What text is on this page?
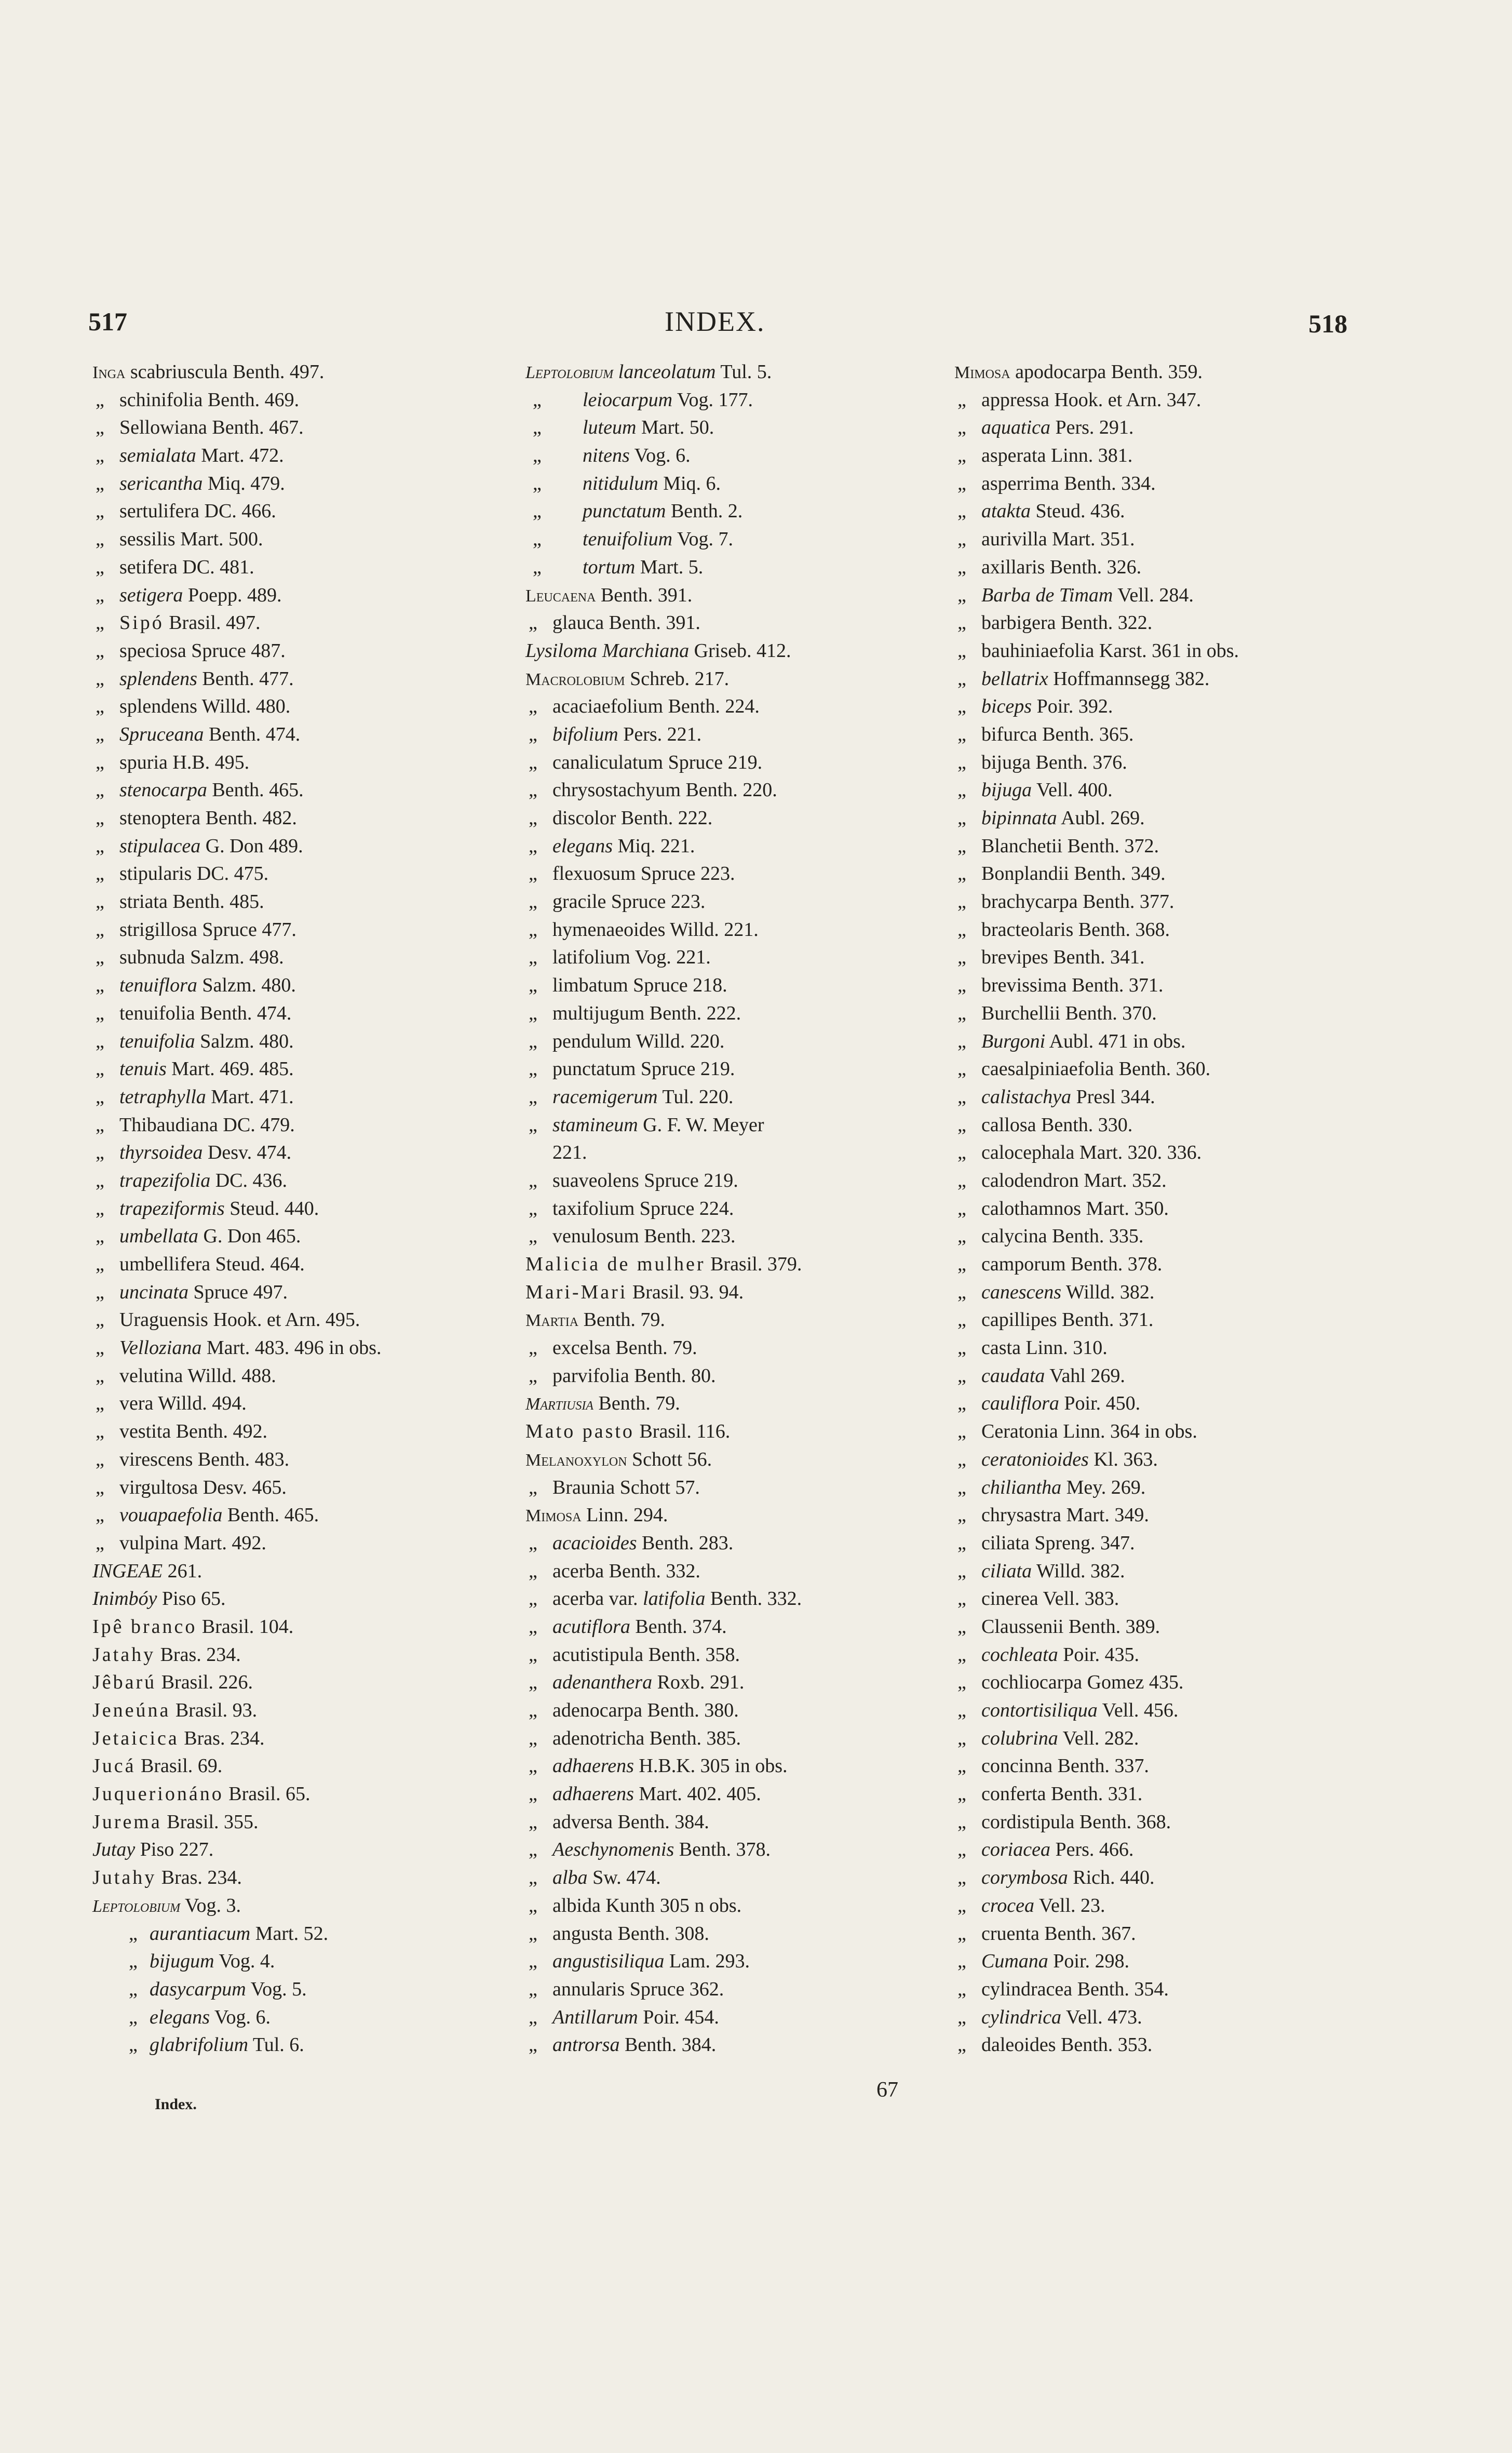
517	INDEX.	518
Inga scabriuscula Benth. 497.
„ schinifolia Benth. 469.
„ Sellowiana Benth. 467.
„ semialata Mart. 472.
„ sericantha Miq. 479.
„ sertulifera DC. 466.
„ sessilis Mart. 500.
„ setifera DC. 481.
„ setigera Poepp. 489.
„ Sipó Brasil. 497.
„ speciosa Spruce 487.
„ splendens Benth. 477.
„ splendens Willd. 480.
„ Spruceana Benth. 474.
„ spuria H.B. 495.
„ stenocarpa Benth. 465.
„ stenoptera Benth. 482.
„ stipulacea G. Don 489.
„ stipularis DC. 475.
„ striata Benth. 485.
„ strigillosa Spruce 477.
„ subnuda Salzm. 498.
„ tenuiflora Salzm. 480.
„ tenuifolia Benth. 474.
„ tenuifolia Salzm. 480.
„ tenuis Mart. 469. 485.
„ tetraphylla Mart. 471.
„ Thibaudiana DC. 479.
„ thyrsoidea Desv. 474.
„ trapezifolia DC. 436.
„ trapeziformis Steud. 440.
„ umbellata G. Don 465.
„ umbellifera Steud. 464.
„ uncinata Spruce 497.
„ Uraguensis Hook. et Arn. 495.
„ Velloziana Mart. 483. 496 in obs.
„ velutina Willd. 488.
„ vera Willd. 494.
„ vestita Benth. 492.
„ virescens Benth. 483.
„ virgultosa Desv. 465.
„ vouapaefolia Benth. 465.
„ vulpina Mart. 492.
INGEAE 261.
Inimbóy Piso 65.
Ipê branco Brasil. 104.
Jatahy Bras. 234.
Jêbarú Brasil. 226.
Jeneúna Brasil. 93.
Jetaicica Bras. 234.
Jucá Brasil. 69.
Juquerionáno Brasil. 65.
Jurema Brasil. 355.
Jutay Piso 227.
Jutahy Bras. 234.
Leptolobium Vog. 3.
„ aurantiacum Mart. 52.
„ bijugum Vog. 4.
„ dasycarpum Vog. 5.
„ elegans Vog. 6.
„ glabrifolium Tul. 6.
Leptolobium lanceolatum Tul. 5.
„ leiocarpum Vog. 177.
„ luteum Mart. 50.
„ nitens Vog. 6.
„ nitidulum Miq. 6.
„ punctatum Benth. 2.
„ tenuifolium Vog. 7.
„ tortum Mart. 5.
Leucaena Benth. 391.
„ glauca Benth. 391.
Lysiloma Marchiana Griseb. 412.
Macrolobium Schreb. 217.
„ acaciaefolium Benth. 224.
„ bifolium Pers. 221.
„ canaliculatum Spruce 219.
„ chrysostachyum Benth. 220.
„ discolor Benth. 222.
„ elegans Miq. 221.
„ flexuosum Spruce 223.
„ gracile Spruce 223.
„ hymenaeoides Willd. 221.
„ latifolium Vog. 221.
„ limbatum Spruce 218.
„ multijugum Benth. 222.
„ pendulum Willd. 220.
„ punctatum Spruce 219.
„ racemigerum Tul. 220.
„ stamineum G. F. W. Meyer
221.
„ suaveolens Spruce 219.
„ taxifolium Spruce 224.
„ venulosum Benth. 223.
Malicia de mulher Brasil. 379.
Mari-Mari Brasil. 93. 94.
Martia Benth. 79.
„ excelsa Benth. 79.
„ parvifolia Benth. 80.
Martiusia Benth. 79.
Mato pasto Brasil. 116.
Melanoxylon Schott 56.
„ Braunia Schott 57.
Mimosa Linn. 294.
„ acacioides Benth. 283.
„ acerba Benth. 332.
„ acerba var. latifolia Benth. 332.
„ acutiflora Benth. 374.
„ acutistipula Benth. 358.
„ adenanthera Roxb. 291.
„ adenocarpa Benth. 380.
„ adenotricha Benth. 385.
„ adhaerens H.B.K. 305 in obs.
„ adhaerens Mart. 402. 405.
„ adversa Benth. 384.
„ Aeschynomenis Benth. 378.
„ alba Sw. 474.
„ albida Kunth 305 n obs.
„ angusta Benth. 308.
„ angustisiliqua Lam. 293.
„ annularis Spruce 362.
„ Antillarum Poir. 454.
„ antrorsa Benth. 384.
Mimosa apodocarpa Benth. 359.
„ appressa Hook. et Arn. 347.
„ aquatica Pers. 291.
„ asperata Linn. 381.
„ asperrima Benth. 334.
„ atakta Steud. 436.
„ aurivilla Mart. 351.
„ axillaris Benth. 326.
„ Barba de Timam Vell. 284.
„ barbigera Benth. 322.
„ bauhiniaefolia Karst. 361 in obs.
„ bellatrix Hoffmannsegg 382.
„ biceps Poir. 392.
„ bifurca Benth. 365.
„ bijuga Benth. 376.
„ bijuga Vell. 400.
„ bipinnata Aubl. 269.
„ Blanchetii Benth. 372.
„ Bonplandii Benth. 349.
„ brachycarpa Benth. 377.
„ bracteolaris Benth. 368.
„ brevipes Benth. 341.
„ brevissima Benth. 371.
„ Burchellii Benth. 370.
„ Burgoni Aubl. 471 in obs.
„ caesalpiniaefolia Benth. 360.
„ calistachya Presl 344.
„ callosa Benth. 330.
„ calocephala Mart. 320. 336.
„ calodendron Mart. 352.
„ calothamnos Mart. 350.
„ calycina Benth. 335.
„ camporum Benth. 378.
„ canescens Willd. 382.
„ capillipes Benth. 371.
„ casta Linn. 310.
„ caudata Vahl 269.
„ cauliflora Poir. 450.
„ Ceratonia Linn. 364 in obs.
„ ceratonioides Kl. 363.
„ chiliantha Mey. 269.
„ chrysastra Mart. 349.
„ ciliata Spreng. 347.
„ ciliata Willd. 382.
„ cinerea Vell. 383.
„ Claussenii Benth. 389.
„ cochleata Poir. 435.
„ cochliocarpa Gomez 435.
„ contortisiliqua Vell. 456.
„ colubrina Vell. 282.
„ concinna Benth. 337.
„ conferta Benth. 331.
„ cordistipula Benth. 368.
„ coriacea Pers. 466.
„ corymbosa Rich. 440.
„ crocea Vell. 23.
„ cruenta Benth. 367.
„ Cumana Poir. 298.
„ cylindracea Benth. 354.
„ cylindrica Vell. 473.
„ daleoides Benth. 353.
Index.
67
